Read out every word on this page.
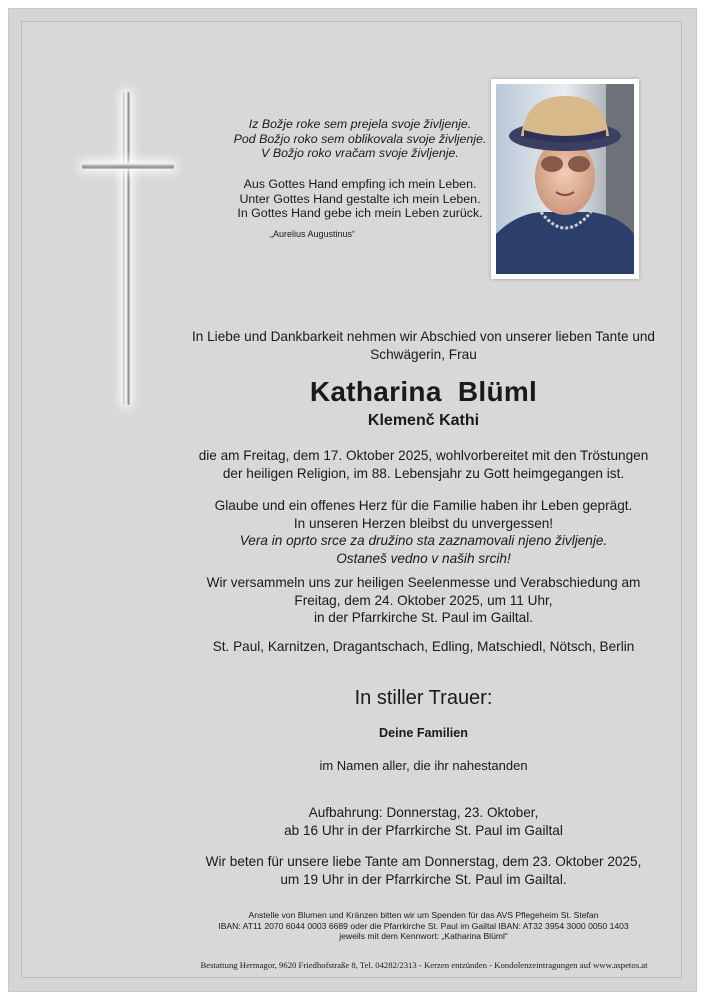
Iz Božje roke sem prejela svoje življenje.
Pod Božjo roko sem oblikovala svoje življenje.
V Božjo roko vračam svoje življenje.
Aus Gottes Hand empfing ich mein Leben.
Unter Gottes Hand gestalte ich mein Leben.
In Gottes Hand gebe ich mein Leben zurück.
„Aurelius Augustinus“
In Liebe und Dankbarkeit nehmen wir Abschied von unserer lieben Tante und
Schwägerin, Frau
Katharina  Blüml
Klemenč Kathi
die am Freitag, dem 17. Oktober 2025, wohlvorbereitet mit den Tröstungen
der heiligen Religion, im 88. Lebensjahr zu Gott heimgegangen ist.
Glaube und ein offenes Herz für die Familie haben ihr Leben geprägt.
In unseren Herzen bleibst du unvergessen!
Vera in oprto srce za družino sta zaznamovali njeno življenje.
Ostaneš vedno v naših srcih!
Wir versammeln uns zur heiligen Seelenmesse und Verabschiedung am
Freitag, dem 24. Oktober 2025, um 11 Uhr,
in der Pfarrkirche St. Paul im Gailtal.
St. Paul, Karnitzen, Dragantschach, Edling, Matschiedl, Nötsch, Berlin
In stiller Trauer:
Deine Familien
im Namen aller, die ihr nahestanden
Aufbahrung: Donnerstag, 23. Oktober,
ab 16 Uhr in der Pfarrkirche St. Paul im Gailtal
Wir beten für unsere liebe Tante am Donnerstag, dem 23. Oktober 2025,
um 19 Uhr in der Pfarrkirche St. Paul im Gailtal.
Anstelle von Blumen und Kränzen bitten wir um Spenden für das AVS Pflegeheim St. Stefan
IBAN: AT11 2070 6044 0003 6689 oder die Pfarrkirche St. Paul im Gailtal IBAN: AT32 3954 3000 0050 1403
jeweils mit dem Kennwort: „Katharina Blüml“
Bestattung Hermagor, 9620 Friedhofstraße 8, Tel. 04282/2313 - Kerzen entzünden - Kondolenzeintragungen auf www.aspetos.at
